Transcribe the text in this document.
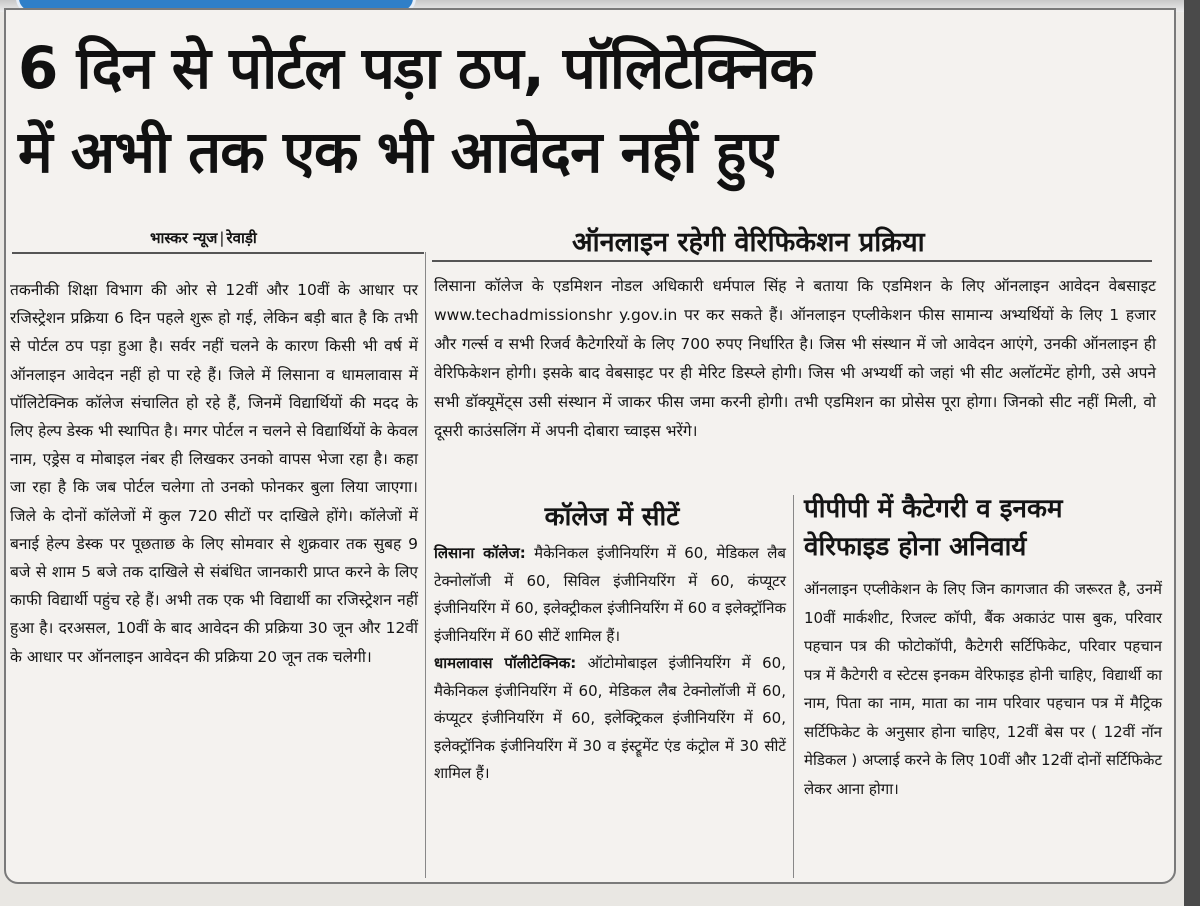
6 दिन से पोर्टल पड़ा ठप, पॉलिटेक्निक
में अभी तक एक भी आवेदन नहीं हुए
भास्कर न्यूज | रेवाड़ी	ऑनलाइन रहेगी वेरिफिकेशन प्रक्रिया
तकनीकी शिक्षा विभाग की ओर से 12वीं और 10वीं के आधार पर रजिस्ट्रेशन प्रक्रिया 6 दिन पहले शुरू हो गई, लेकिन बड़ी बात है कि तभी से पोर्टल ठप पड़ा हुआ है। सर्वर नहीं चलने के कारण किसी भी वर्ष में ऑनलाइन आवेदन नहीं हो पा रहे हैं। जिले में लिसाना व धामलावास में पॉलिटेक्निक कॉलेज संचालित हो रहे हैं, जिनमें विद्यार्थियों की मदद के लिए हेल्प डेस्क भी स्थापित है। मगर पोर्टल न चलने से विद्यार्थियों के केवल नाम, एड्रेस व मोबाइल नंबर ही लिखकर उनको वापस भेजा रहा है। कहा जा रहा है कि जब पोर्टल चलेगा तो उनको फोनकर बुला लिया जाएगा। जिले के दोनों कॉलेजों में कुल 720 सीटों पर दाखिले होंगे। कॉलेजों में बनाई हेल्प डेस्क पर पूछताछ के लिए सोमवार से शुक्रवार तक सुबह 9 बजे से शाम 5 बजे तक दाखिले से संबंधित जानकारी प्राप्त करने के लिए काफी विद्यार्थी पहुंच रहे हैं। अभी तक एक भी विद्यार्थी का रजिस्ट्रेशन नहीं हुआ है। दरअसल, 10वीं के बाद आवेदन की प्रक्रिया 30 जून और 12वीं के आधार पर ऑनलाइन आवेदन की प्रक्रिया 20 जून तक चलेगी।
लिसाना कॉलेज के एडमिशन नोडल अधिकारी धर्मपाल सिंह ने बताया कि एडमिशन के लिए ऑनलाइन आवेदन वेबसाइट www.techadmissionshr y.gov.in पर कर सकते हैं। ऑनलाइन एप्लीकेशन फीस सामान्य अभ्यर्थियों के लिए 1 हजार और गर्ल्स व सभी रिजर्व कैटेगरियों के लिए 700 रुपए निर्धारित है। जिस भी संस्थान में जो आवेदन आएंगे, उनकी ऑनलाइन ही वेरिफिकेशन होगी। इसके बाद वेबसाइट पर ही मेरिट डिस्प्ले होगी। जिस भी अभ्यर्थी को जहां भी सीट अलॉटमेंट होगी, उसे अपने सभी डॉक्यूमेंट्स उसी संस्थान में जाकर फीस जमा करनी होगी। तभी एडमिशन का प्रोसेस पूरा होगा। जिनको सीट नहीं मिली, वो दूसरी काउंसलिंग में अपनी दोबारा च्वाइस भरेंगे।
कॉलेज में सीटें	पीपीपी में कैटेगरी व इनकम
वेरिफाइड होना अनिवार्य
लिसाना कॉलेज: मैकेनिकल इंजीनियरिंग में 60, मेडिकल लैब टेक्नोलॉजी में 60, सिविल इंजीनियरिंग में 60, कंप्यूटर इंजीनियरिंग में 60, इलेक्ट्रीकल इंजीनियरिंग में 60 व इलेक्ट्रॉनिक इंजीनियरिंग में 60 सीटें शामिल हैं।
धामलावास पॉलीटेक्निक: ऑटोमोबाइल इंजीनियरिंग में 60, मैकेनिकल इंजीनियरिंग में 60, मेडिकल लैब टेक्नोलॉजी में 60, कंप्यूटर इंजीनियरिंग में 60, इलेक्ट्रिकल इंजीनियरिंग में 60, इलेक्ट्रॉनिक इंजीनियरिंग में 30 व इंस्ट्रूमेंट एंड कंट्रोल में 30 सीटें शामिल हैं।
ऑनलाइन एप्लीकेशन के लिए जिन कागजात की जरूरत है, उनमें 10वीं मार्कशीट, रिजल्ट कॉपी, बैंक अकाउंट पास बुक, परिवार पहचान पत्र की फोटोकॉपी, कैटेगरी सर्टिफिकेट, परिवार पहचान पत्र में कैटेगरी व स्टेटस इनकम वेरिफाइड होनी चाहिए, विद्यार्थी का नाम, पिता का नाम, माता का नाम परिवार पहचान पत्र में मैट्रिक सर्टिफिकेट के अनुसार होना चाहिए, 12वीं बेस पर ( 12वीं नॉन मेडिकल ) अप्लाई करने के लिए 10वीं और 12वीं दोनों सर्टिफिकेट लेकर आना होगा।
